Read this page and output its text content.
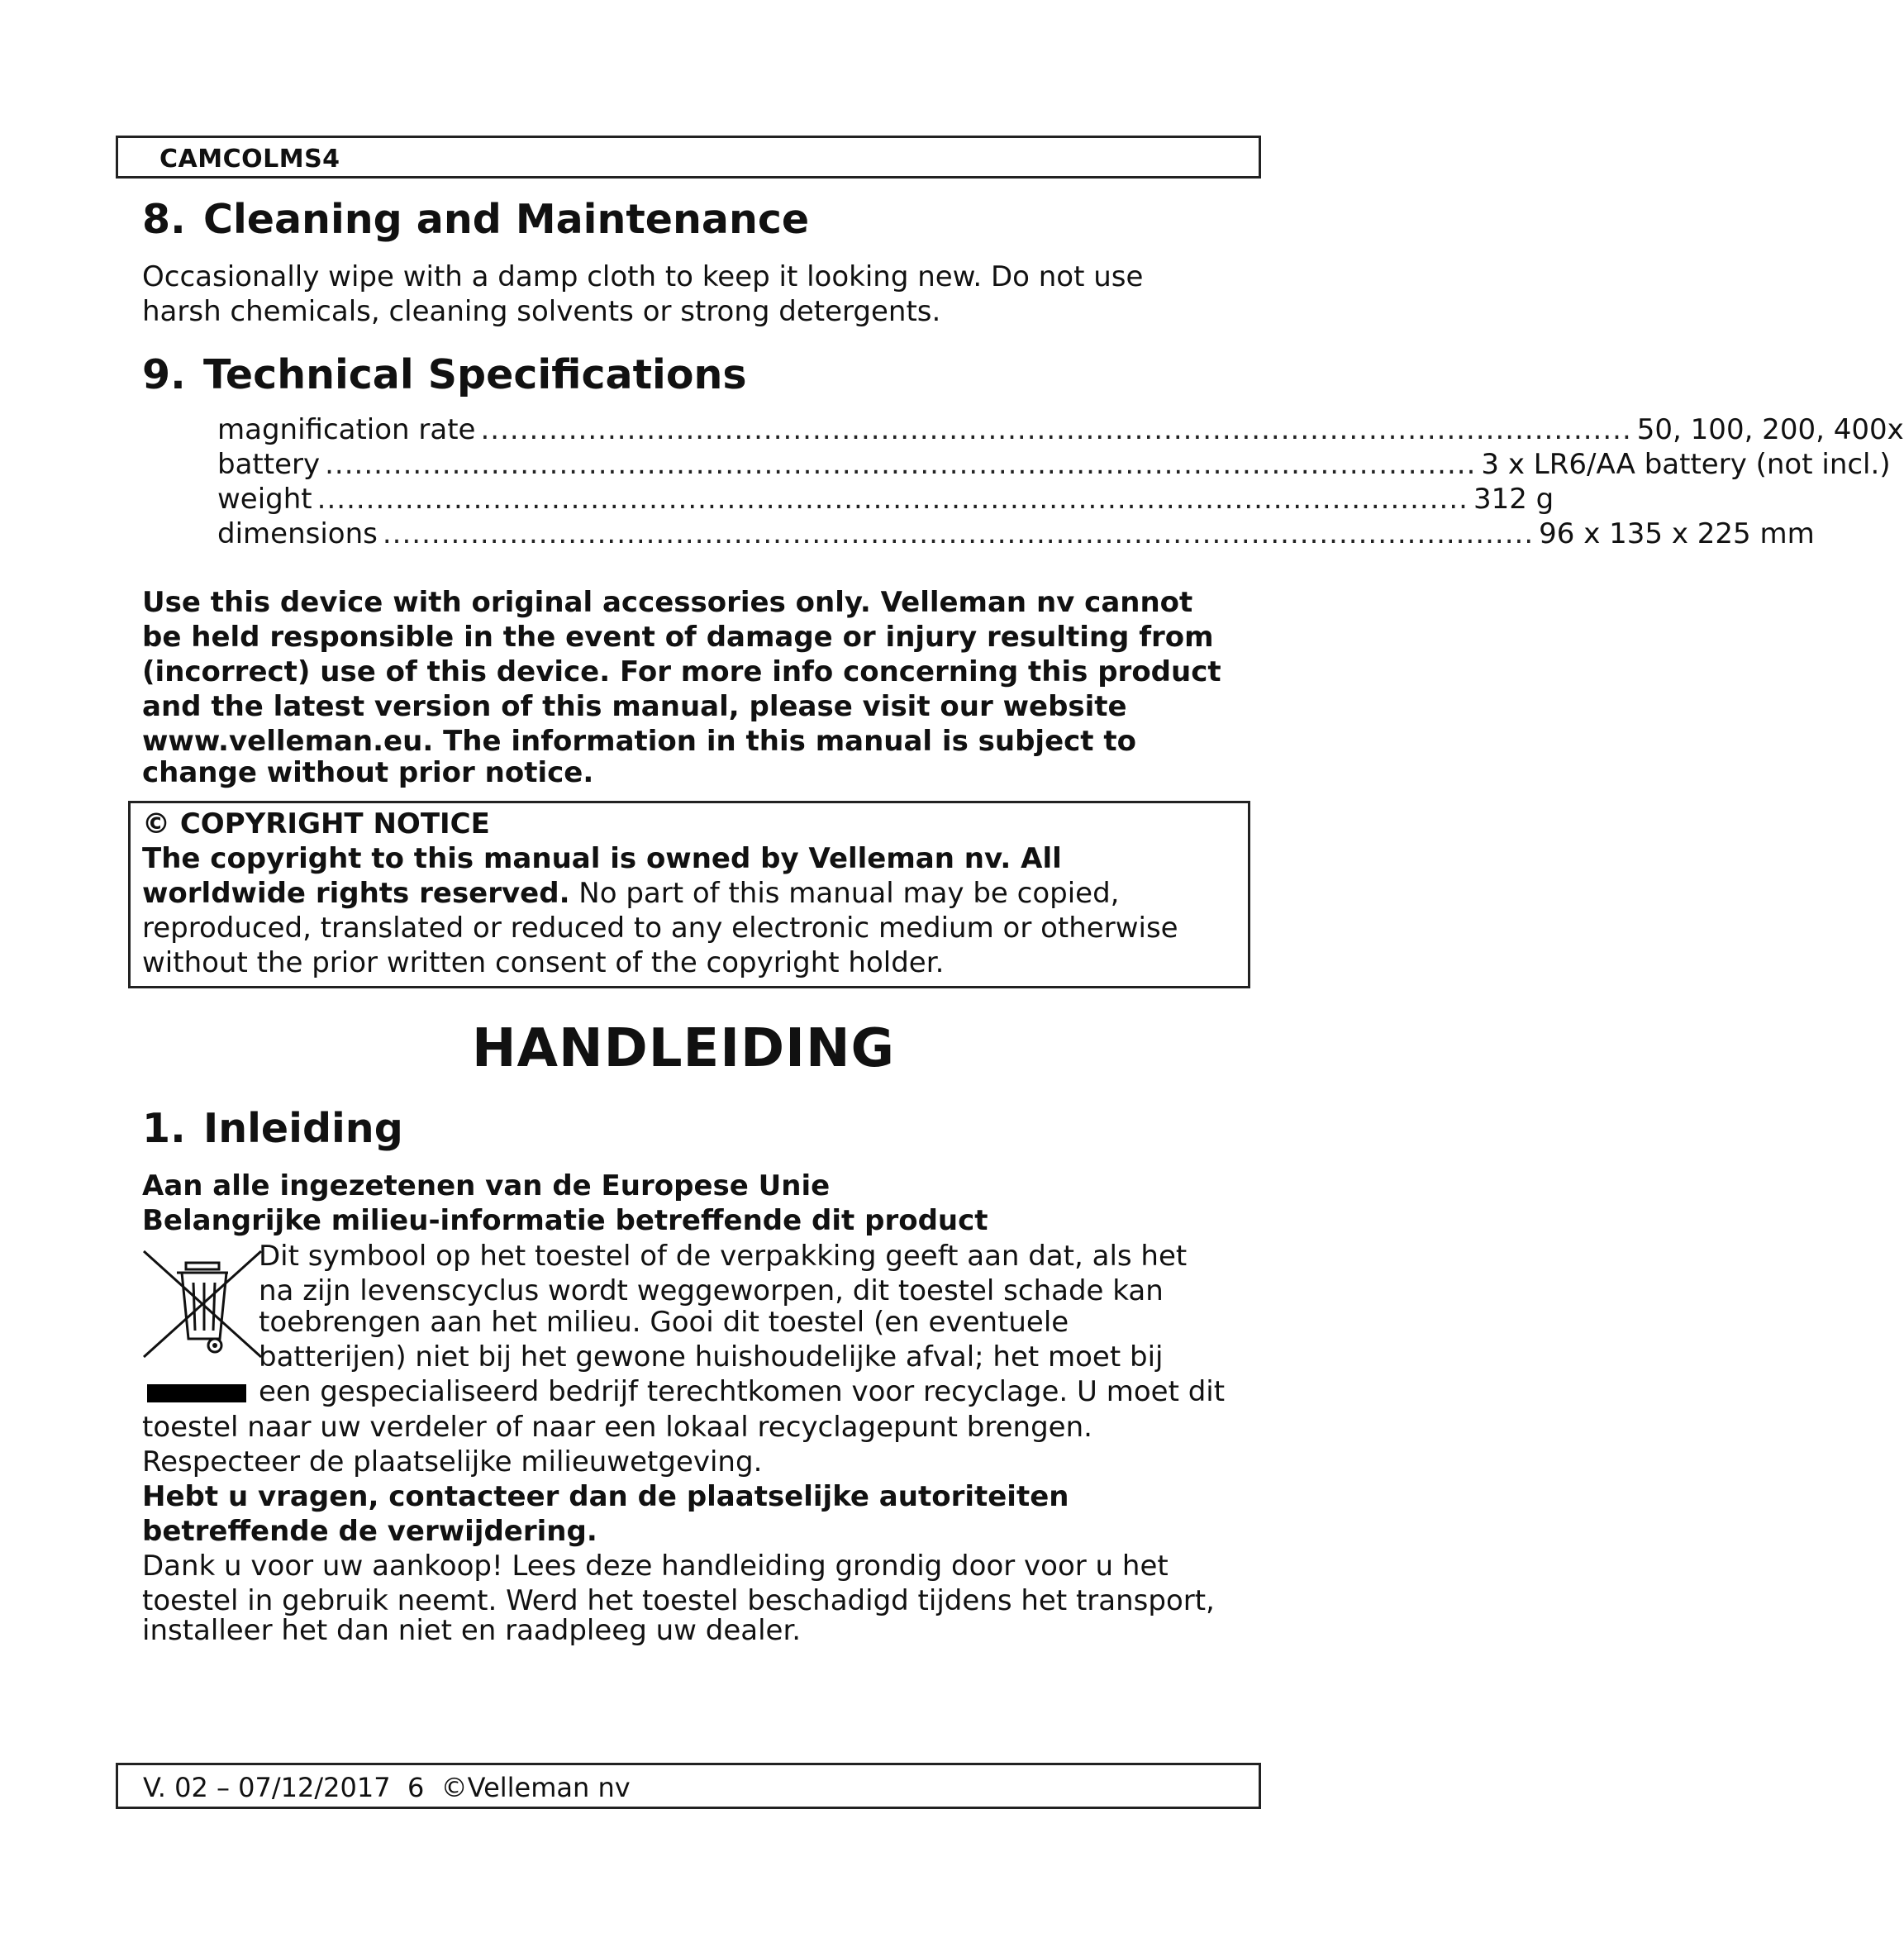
CAMCOLMS4
8. Cleaning and Maintenance
Occasionally wipe with a damp cloth to keep it looking new. Do not use
harsh chemicals, cleaning solvents or strong detergents.
9. Technical Specifications
magnification rate ...................................................................................................................... 50, 100, 200, 400x
battery ...................................................................................................................... 3 x LR6/AA battery (not incl.)
weight ...................................................................................................................... 312 g
dimensions ...................................................................................................................... 96 x 135 x 225 mm
Use this device with original accessories only. Velleman nv cannot
be held responsible in the event of damage or injury resulting from
(incorrect) use of this device. For more info concerning this product
and the latest version of this manual, please visit our website
www.velleman.eu. The information in this manual is subject to
change without prior notice.
© COPYRIGHT NOTICE
The copyright to this manual is owned by Velleman nv. All
worldwide rights reserved. No part of this manual may be copied,
reproduced, translated or reduced to any electronic medium or otherwise
without the prior written consent of the copyright holder.
HANDLEIDING
1. Inleiding
Aan alle ingezetenen van de Europese Unie
Belangrijke milieu-informatie betreffende dit product
Dit symbool op het toestel of de verpakking geeft aan dat, als het
na zijn levenscyclus wordt weggeworpen, dit toestel schade kan
toebrengen aan het milieu. Gooi dit toestel (en eventuele
batterijen) niet bij het gewone huishoudelijke afval; het moet bij
een gespecialiseerd bedrijf terechtkomen voor recyclage. U moet dit
toestel naar uw verdeler of naar een lokaal recyclagepunt brengen.
Respecteer de plaatselijke milieuwetgeving.
Hebt u vragen, contacteer dan de plaatselijke autoriteiten
betreffende de verwijdering.
Dank u voor uw aankoop! Lees deze handleiding grondig door voor u het
toestel in gebruik neemt. Werd het toestel beschadigd tijdens het transport,
installeer het dan niet en raadpleeg uw dealer.
V. 02 – 07/12/2017  6  ©Velleman nv
